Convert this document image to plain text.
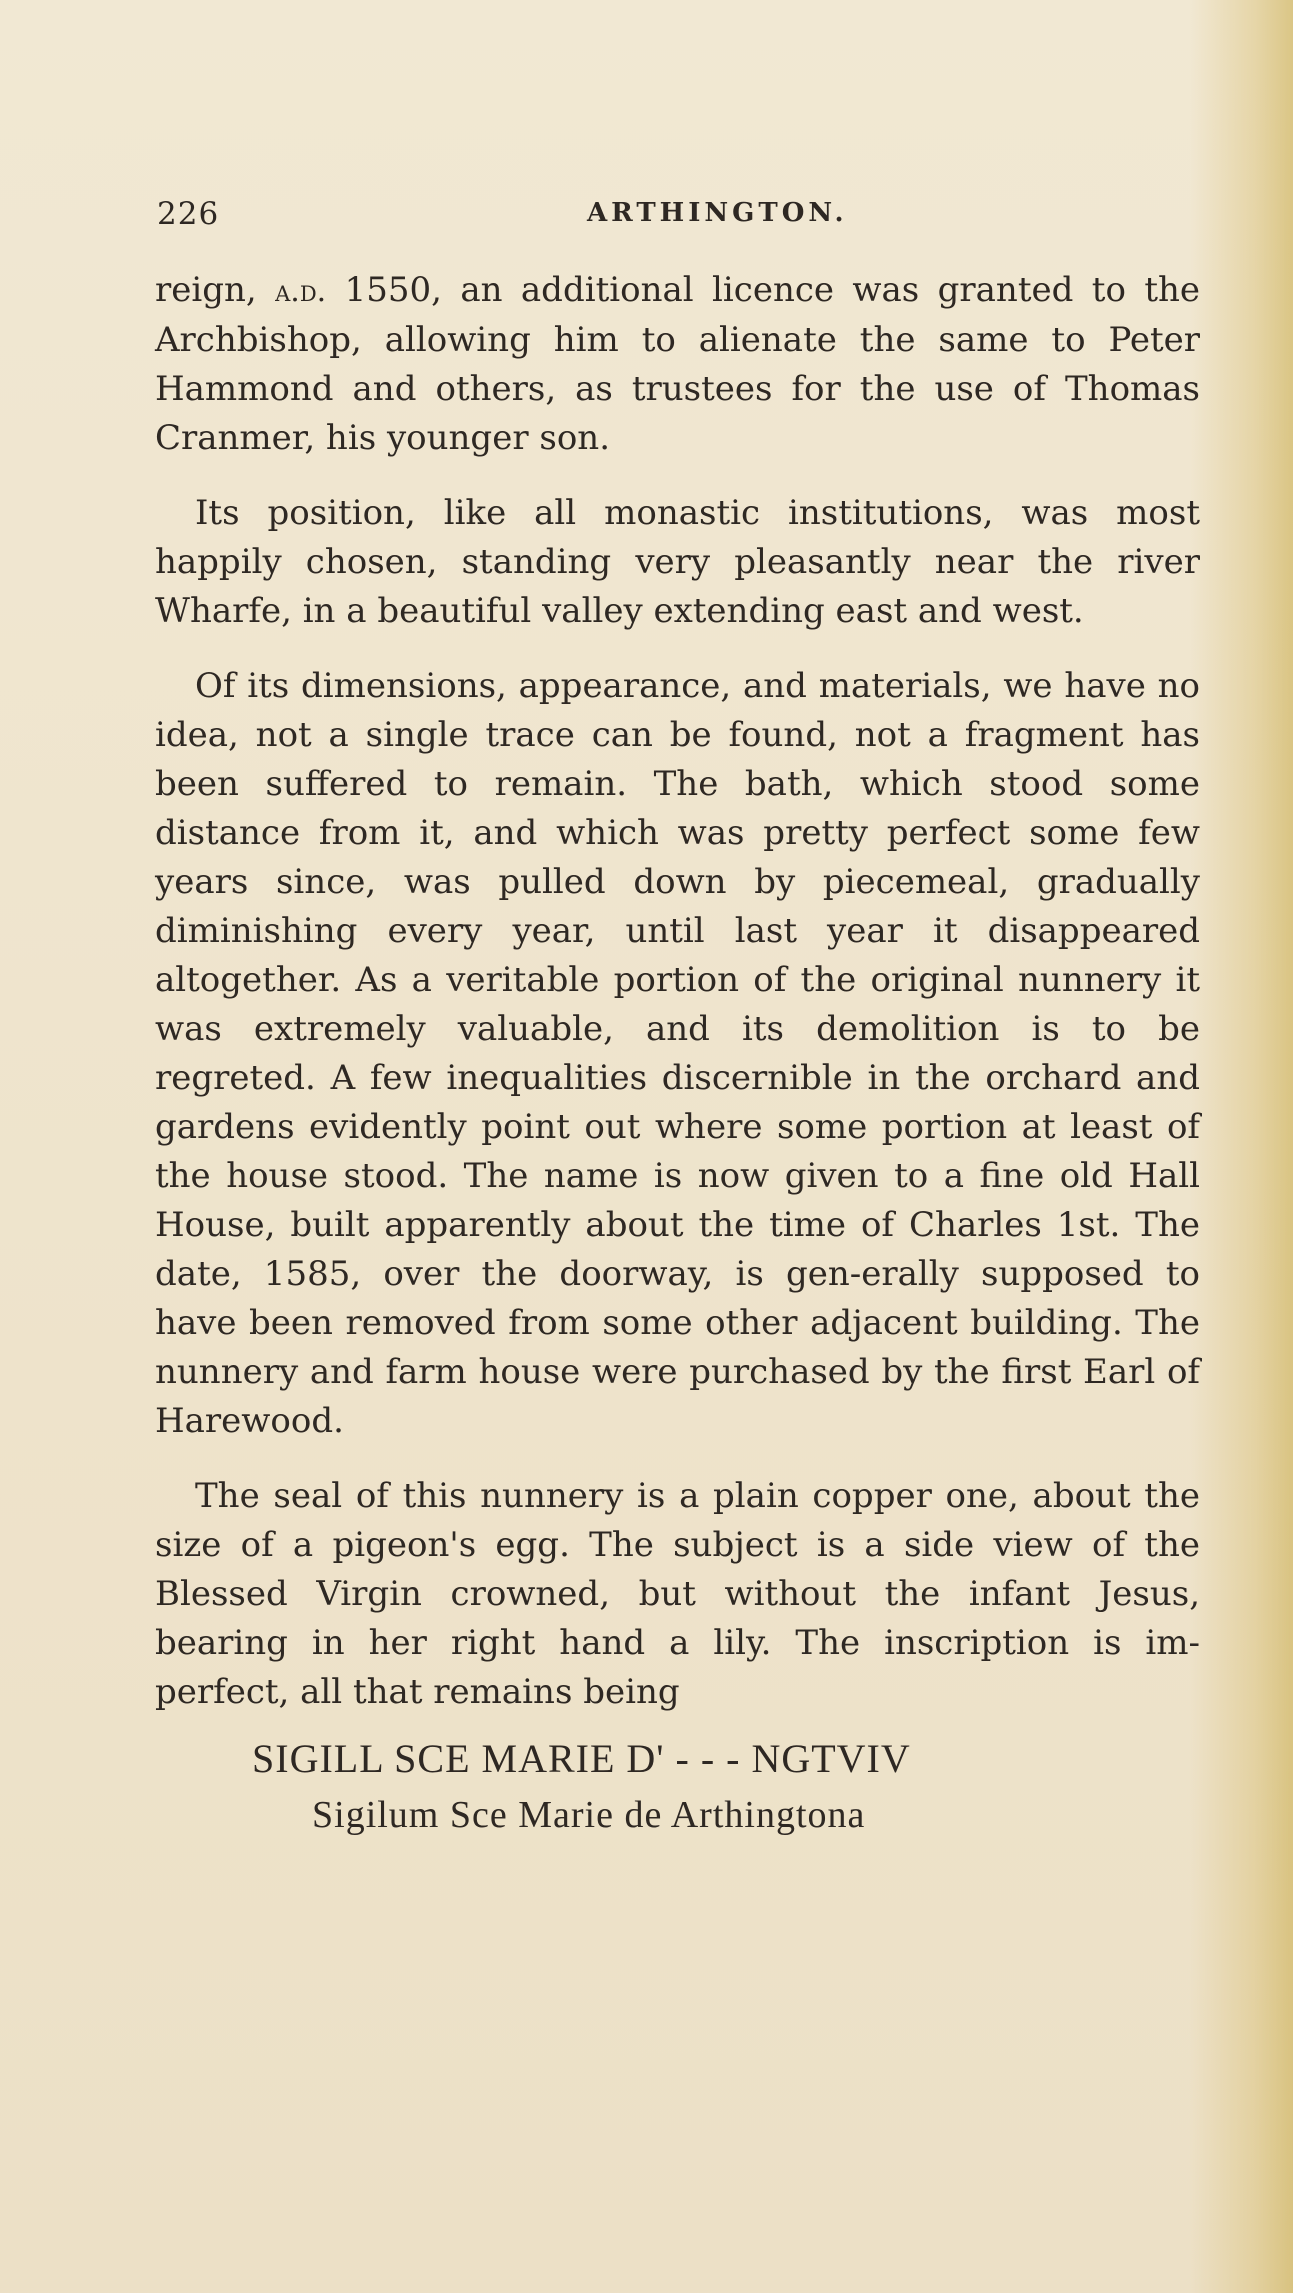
226	ARTHINGTON.

reign, a.d. 1550, an additional licence was granted to the Archbishop, allowing him to alienate the same to Peter Hammond and others, as trustees for the use of Thomas Cranmer, his younger son.

Its position, like all monastic institutions, was most happily chosen, standing very pleasantly near the river Wharfe, in a beautiful valley extending east and west.

Of its dimensions, appearance, and materials, we have no idea, not a single trace can be found, not a fragment has been suffered to remain. The bath, which stood some distance from it, and which was pretty perfect some few years since, was pulled down by piecemeal, gradually diminishing every year, until last year it disappeared altogether. As a veritable portion of the original nunnery it was extremely valuable, and its demolition is to be regreted. A few inequalities discernible in the orchard and gardens evidently point out where some portion at least of the house stood. The name is now given to a fine old Hall House, built apparently about the time of Charles 1st. The date, 1585, over the doorway, is gen-erally supposed to have been removed from some other adjacent building. The nunnery and farm house were purchased by the first Earl of Harewood.

The seal of this nunnery is a plain copper one, about the size of a pigeon's egg. The subject is a side view of the Blessed Virgin crowned, but without the infant Jesus, bearing in her right hand a lily. The inscription is im-perfect, all that remains being

SIGILL SCE MARIE D' - - - NGTVIV

Sigilum Sce Marie de Arthingtona
